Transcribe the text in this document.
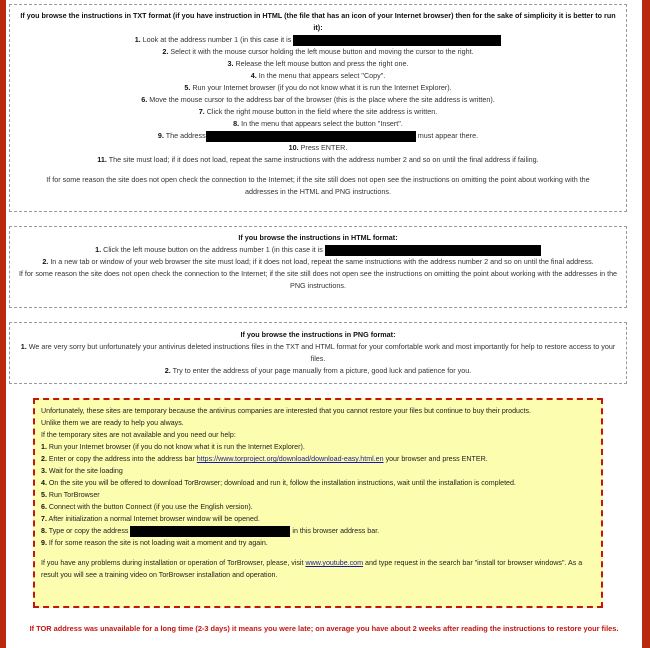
If you browse the instructions in TXT format (if you have instruction in HTML (the file that has an icon of your Internet browser) then for the sake of simplicity it is better to run it):
1. Look at the address number 1 (in this case it is
2. Select it with the mouse cursor holding the left mouse button and moving the cursor to the right.
3. Release the left mouse button and press the right one.
4. In the menu that appears select "Copy".
5. Run your Internet browser (if you do not know what it is run the Internet Explorer).
6. Move the mouse cursor to the address bar of the browser (this is the place where the site address is written).
7. Click the right mouse button in the field where the site address is written.
8. In the menu that appears select the button "Insert".
9. The address	must appear there.
10. Press ENTER.
11. The site must load; if it does not load, repeat the same instructions with the address number 2 and so on until the final address if failing.
If for some reason the site does not open check the connection to the Internet; if the site still does not open see the instructions on omitting the point about working with the addresses in the HTML and PNG instructions.
If you browse the instructions in HTML format:
1. Click the left mouse button on the address number 1 (in this case it is
2. In a new tab or window of your web browser the site must load; if it does not load, repeat the same instructions with the address number 2 and so on until the final address.
If for some reason the site does not open check the connection to the Internet; if the site still does not open see the instructions on omitting the point about working with the addresses in the PNG instructions.
If you browse the instructions in PNG format:
1. We are very sorry but unfortunately your antivirus deleted instructions files in the TXT and HTML format for your comfortable work and most importantly for help to restore access to your files.
2. Try to enter the address of your page manually from a picture, good luck and patience for you.
Unfortunately, these sites are temporary because the antivirus companies are interested that you cannot restore your files but continue to buy their products.
Unlike them we are ready to help you always.
If the temporary sites are not available and you need our help:
1. Run your Internet browser (if you do not know what it is run the Internet Explorer).
2. Enter or copy the address into the address bar https://www.torproject.org/download/download-easy.html.en your browser and press ENTER.
3. Wait for the site loading
4. On the site you will be offered to download TorBrowser; download and run it, follow the installation instructions, wait until the installation is completed.
5. Run TorBrowser
6. Connect with the button Connect (if you use the English version).
7. After initialization a normal Internet browser window will be opened.
8. Type or copy the address	in this browser address bar.
9. If for some reason the site is not loading wait a moment and try again.
If you have any problems during installation or operation of TorBrowser, please, visit www.youtube.com and type request in the search bar "install tor browser windows". As a result you will see a training video on TorBrowser installation and operation.
If TOR address was unavailable for a long time (2-3 days) it means you were late; on average you have about 2 weeks after reading the instructions to restore your files.
